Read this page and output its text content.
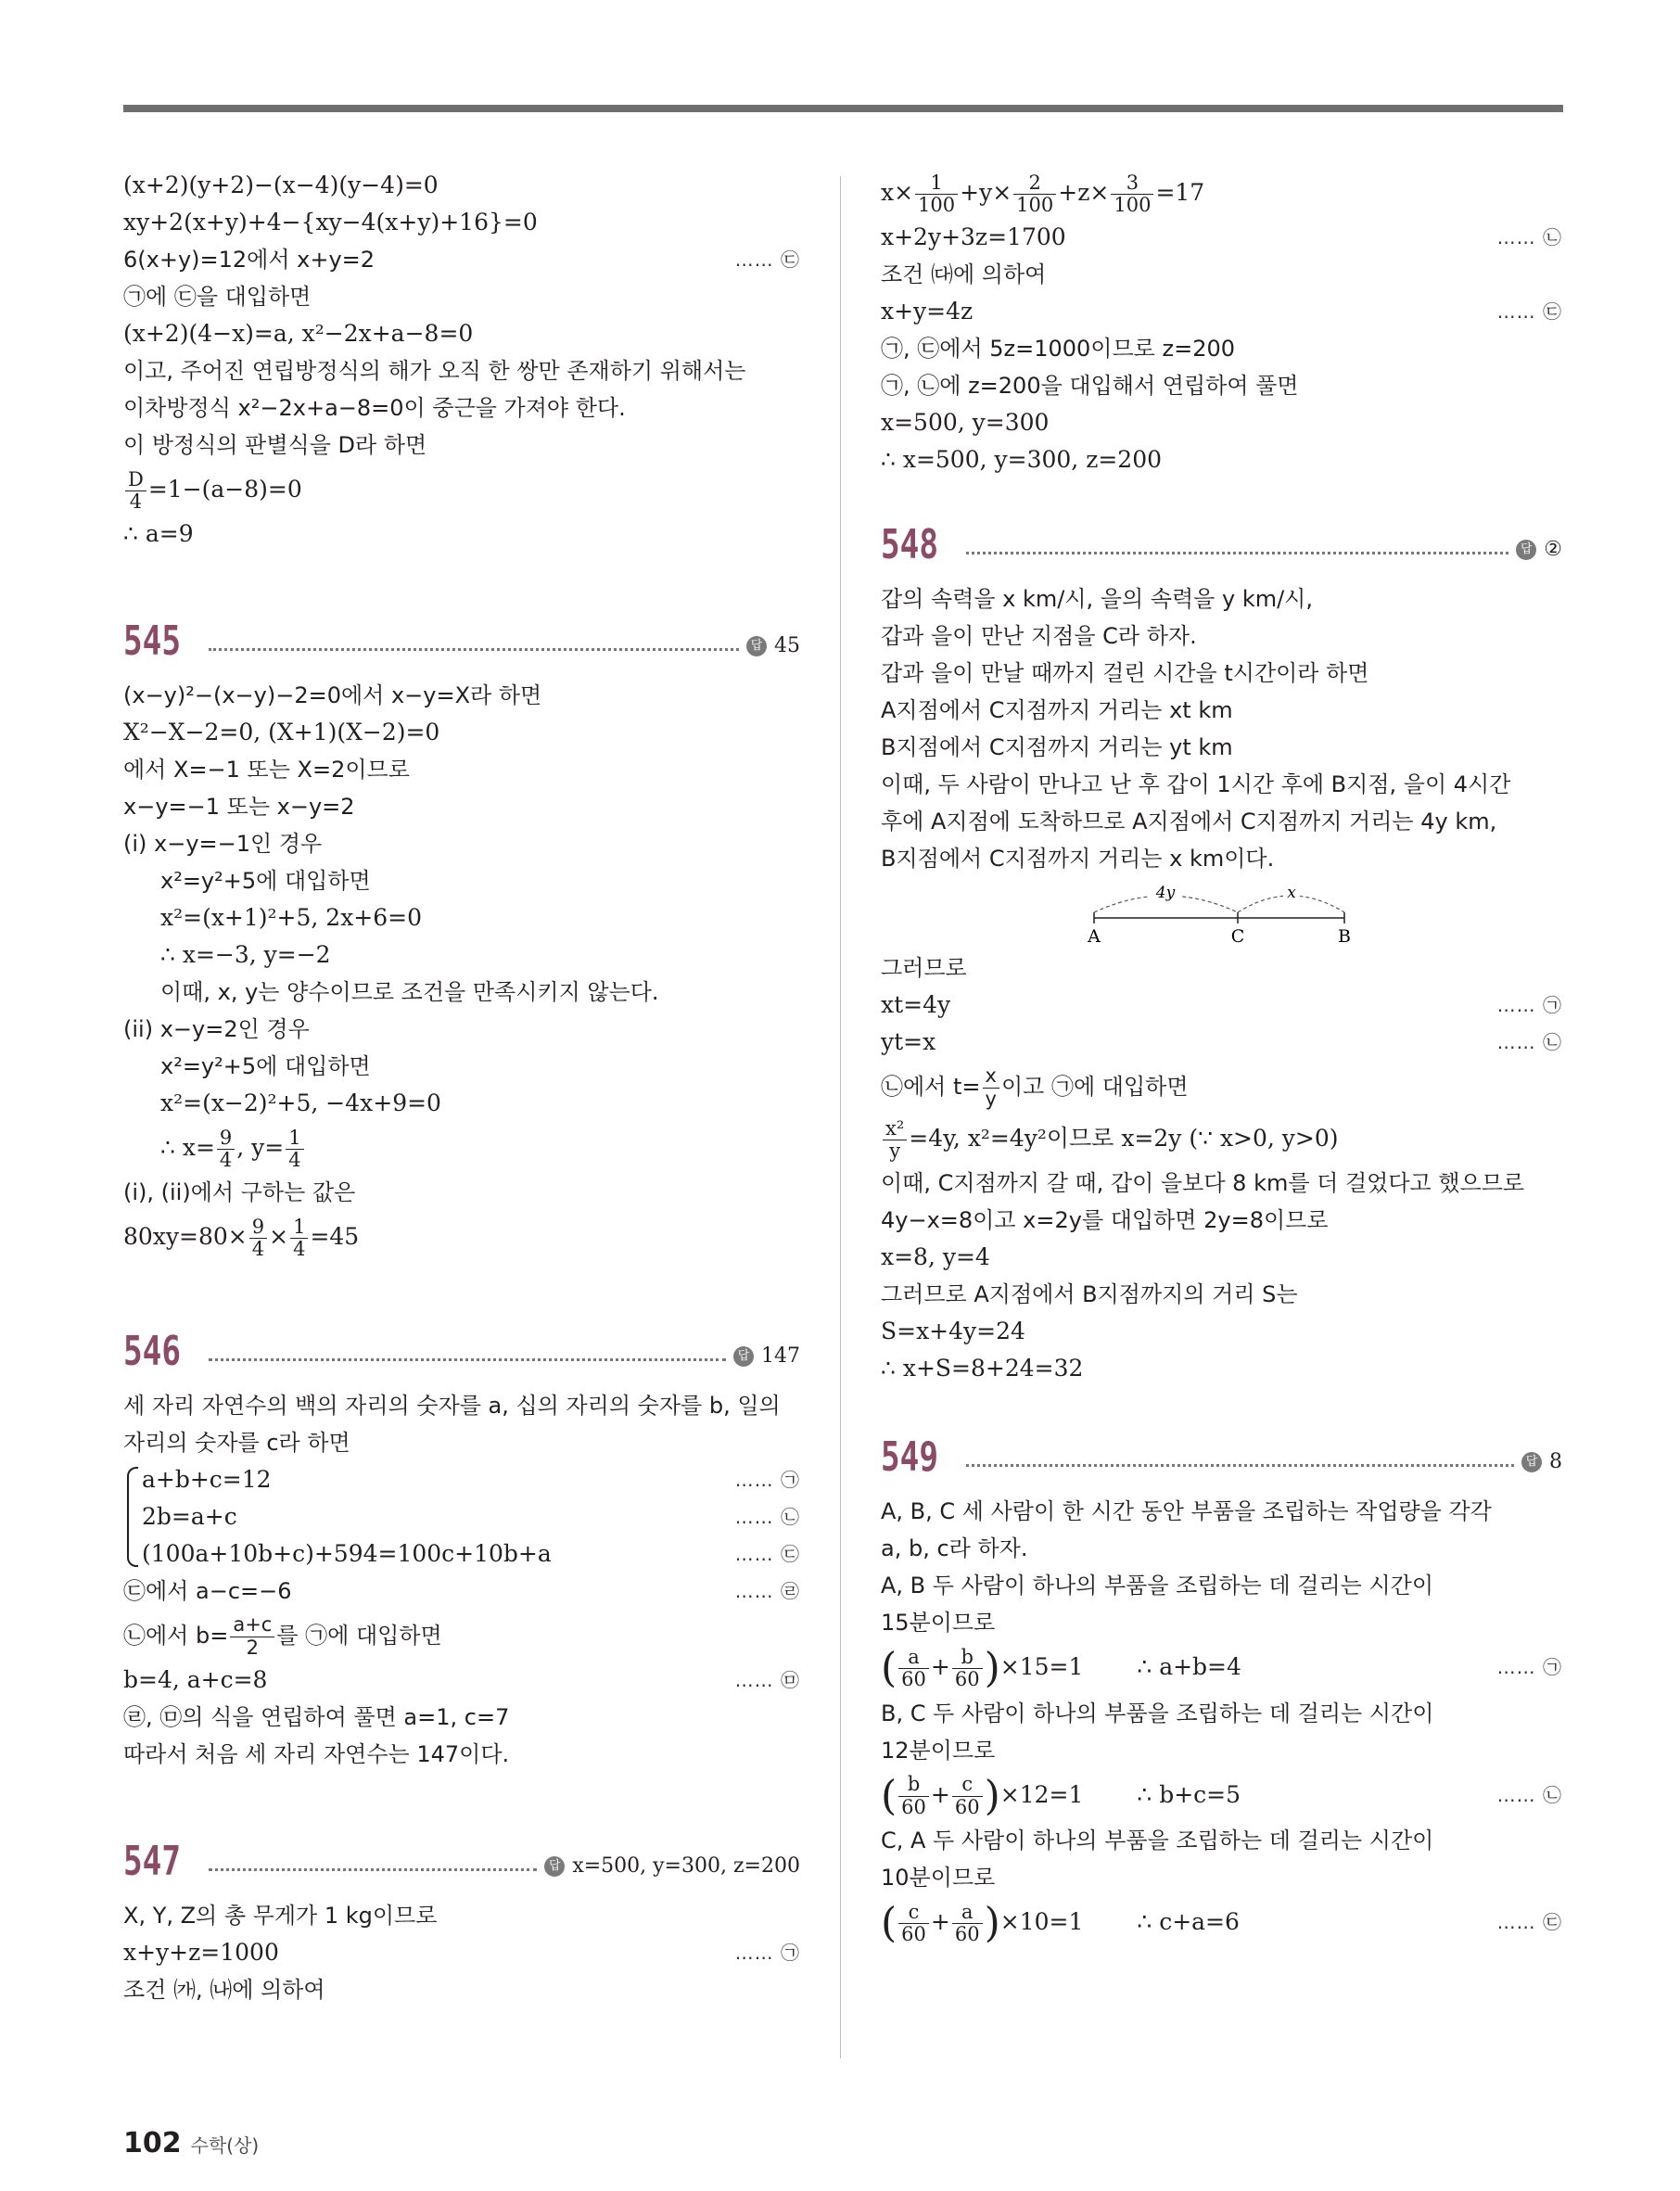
(x+2)(y+2)−(x−4)(y−4)=0
xy+2(x+y)+4−{xy−4(x+y)+16}=0
6(x+y)=12에서 x+y=2	…… ㉢
㉠에 ㉢을 대입하면
(x+2)(4−x)=a, x²−2x+a−8=0
이고, 주어진 연립방정식의 해가 오직 한 쌍만 존재하기 위해서는
이차방정식 x²−2x+a−8=0이 중근을 가져야 한다.
이 방정식의 판별식을 D라 하면
$\frac{D}{4} =1-(a-8)=0$
∴ a=9
545	답 45
(x−y)²−(x−y)−2=0에서 x−y=X라 하면
X²−X−2=0, (X+1)(X−2)=0
에서 X=−1 또는 X=2이므로
x−y=−1 또는 x−y=2
(i) x−y=−1인 경우
x²=y²+5에 대입하면
x²=(x+1)²+5, 2x+6=0
∴ x=−3, y=−2
이때, x, y는 양수이므로 조건을 만족시키지 않는다.
(ii) x−y=2인 경우
x²=y²+5에 대입하면
x²=(x−2)²+5, −4x+9=0
∴ $x= \frac{9}{4}$ , $y= \frac{1}{4}$
(i), (ii)에서 구하는 값은
$80xy=80\times \frac{9}{4} \times \frac{1}{4} =45$
546	답 147
세 자리 자연수의 백의 자리의 숫자를 a, 십의 자리의 숫자를 b, 일의
자리의 숫자를 c라 하면
a+b+c=12	…… ㉠
2b=a+c	…… ㉡
(100a+10b+c)+594=100c+10b+a	…… ㉢
㉢에서 a−c=−6	…… ㉣
㉡에서 $b= \frac{a+c}{2}$ 를 ㉠에 대입하면
b=4, a+c=8	…… ㉤
㉣, ㉤의 식을 연립하여 풀면 a=1, c=7
따라서 처음 세 자리 자연수는 147이다.
547	답 x=500, y=300, z=200
X, Y, Z의 총 무게가 1 kg이므로
x+y+z=1000	…… ㉠
조건 ㈎, ㈏에 의하여
$x\times \frac{1}{100} +y\times \frac{2}{100} +z\times \frac{3}{100} =17$
x+2y+3z=1700	…… ㉡
조건 ㈐에 의하여
x+y=4z	…… ㉢
㉠, ㉢에서 5z=1000이므로 z=200
㉠, ㉡에 z=200을 대입해서 연립하여 풀면
x=500, y=300
∴ x=500, y=300, z=200
548	답 ②
갑의 속력을 x km/시, 을의 속력을 y km/시,
갑과 을이 만난 지점을 C라 하자.
갑과 을이 만날 때까지 걸린 시간을 t시간이라 하면
A지점에서 C지점까지 거리는 xt km
B지점에서 C지점까지 거리는 yt km
이때, 두 사람이 만나고 난 후 갑이 1시간 후에 B지점, 을이 4시간
후에 A지점에 도착하므로 A지점에서 C지점까지 거리는 4y km,
B지점에서 C지점까지 거리는 x km이다.
4y	x
A	C	B
그러므로
xt=4y	…… ㉠
yt=x	…… ㉡
㉡에서 $t= \frac{x}{y}$ 이고 ㉠에 대입하면
$\frac{\text{x²}}{y} =4y$, x²=4y²이므로 x=2y (∵ x>0, y>0)
이때, C지점까지 갈 때, 갑이 을보다 8 km를 더 걸었다고 했으므로
4y−x=8이고 x=2y를 대입하면 2y=8이므로
x=8, y=4
그러므로 A지점에서 B지점까지의 거리 S는
S=x+4y=24
∴ x+S=8+24=32
549	답 8
A, B, C 세 사람이 한 시간 동안 부품을 조립하는 작업량을 각각
a, b, c라 하자.
A, B 두 사람이 하나의 부품을 조립하는 데 걸리는 시간이
15분이므로
( $\frac{a}{60} + \frac{b}{60} )\times 15=1$ ∴ a+b=4	…… ㉠
B, C 두 사람이 하나의 부품을 조립하는 데 걸리는 시간이
12분이므로
( $\frac{b}{60} + \frac{c}{60} )\times 12=1$ ∴ b+c=5	…… ㉡
C, A 두 사람이 하나의 부품을 조립하는 데 걸리는 시간이
10분이므로
( $\frac{c}{60} + \frac{a}{60} )\times 10=1$ ∴ c+a=6	…… ㉢
102 수학(상)
